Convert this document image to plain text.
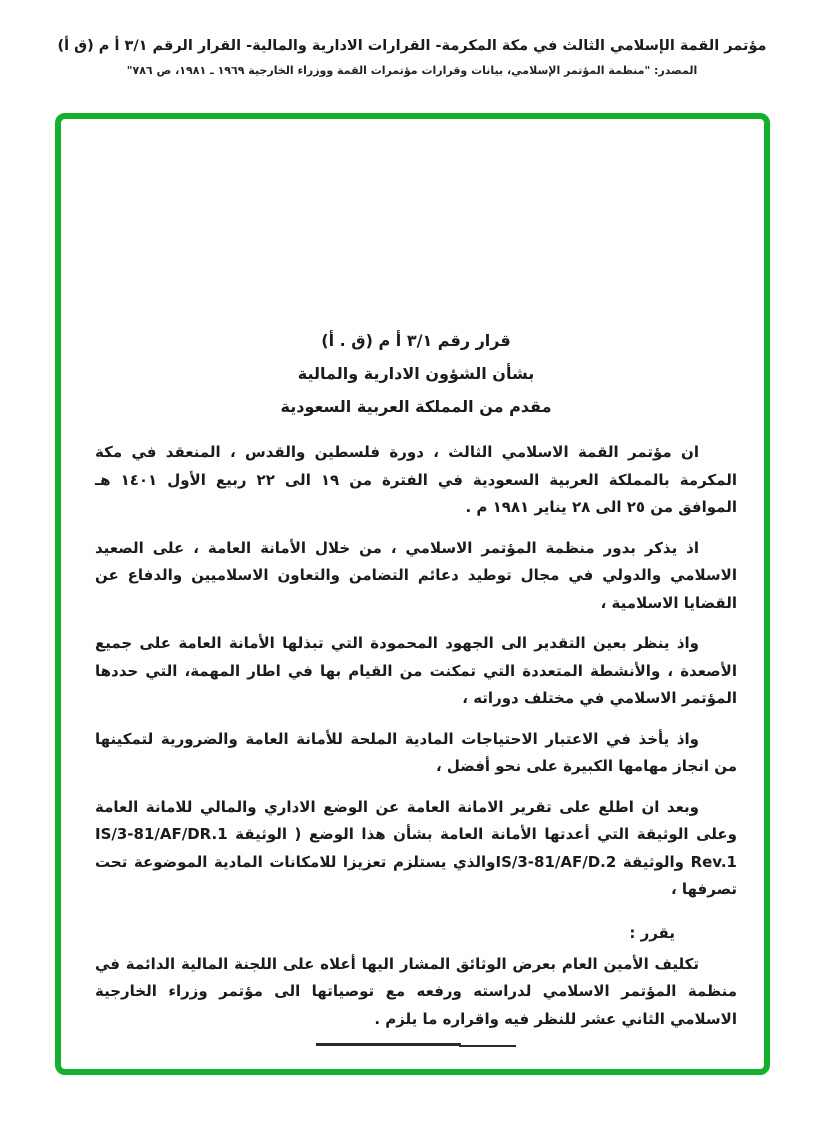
مؤتمر القمة الإسلامي الثالث في مكة المكرمة- القرارات الادارية والمالية- القرار الرقم ٣/١ أ م (ق أ)
المصدر: "منظمة المؤتمر الإسلامي، بيانات وقرارات مؤتمرات القمة ووزراء الخارجية ١٩٦٩ ـ ١٩٨١، ص ٧٨٦"
قرار رقم ٣/١ أ م (ق . أ)
بشأن الشؤون الادارية والمالية
مقدم من المملكة العربية السعودية

ان مؤتمر القمة الاسلامي الثالث ، دورة فلسطين والقدس ، المنعقد في مكة المكرمة بالمملكة العربية السعودية في الفترة من ١٩ الى ٢٢ ربيع الأول ١٤٠١ هـ الموافق من ٢٥ الى ٢٨ يناير ١٩٨١ م .

اذ يذكر بدور منظمة المؤتمر الاسلامي ، من خلال الأمانة العامة ، على الصعيد الاسلامي والدولي في مجال توطيد دعائم التضامن والتعاون الاسلاميين والدفاع عن القضايا الاسلامية ،

واذ ينظر بعين التقدير الى الجهود المحمودة التي تبذلها الأمانة العامة على جميع الأصعدة ، والأنشطة المتعددة التي تمكنت من القيام بها في اطار المهمة، التي حددها المؤتمر الاسلامي في مختلف دوراته ،

واذ يأخذ في الاعتبار الاحتياجات المادية الملحة للأمانة العامة والضرورية لتمكينها من انجاز مهامها الكبيرة على نحو أفضل ،

وبعد ان اطلع على تقرير الامانة العامة عن الوضع الاداري والمالي للامانة العامة وعلى الوثيقة التي أعدتها الأمانة العامة بشأن هذا الوضع ( الوثيقة IS/3-81/AF/DR.1 Rev.1 والوثيقة IS/3-81/AF/D.2والذي يستلزم تعزيزا للامكانات المادية الموضوعة تحت تصرفها ،

يقرر :

تكليف الأمين العام بعرض الوثائق المشار اليها أعلاه على اللجنة المالية الدائمة في منظمة المؤتمر الاسلامي لدراسته ورفعه مع توصياتها الى مؤتمر وزراء الخارجية الاسلامي الثاني عشر للنظر فيه واقراره ما يلزم .
